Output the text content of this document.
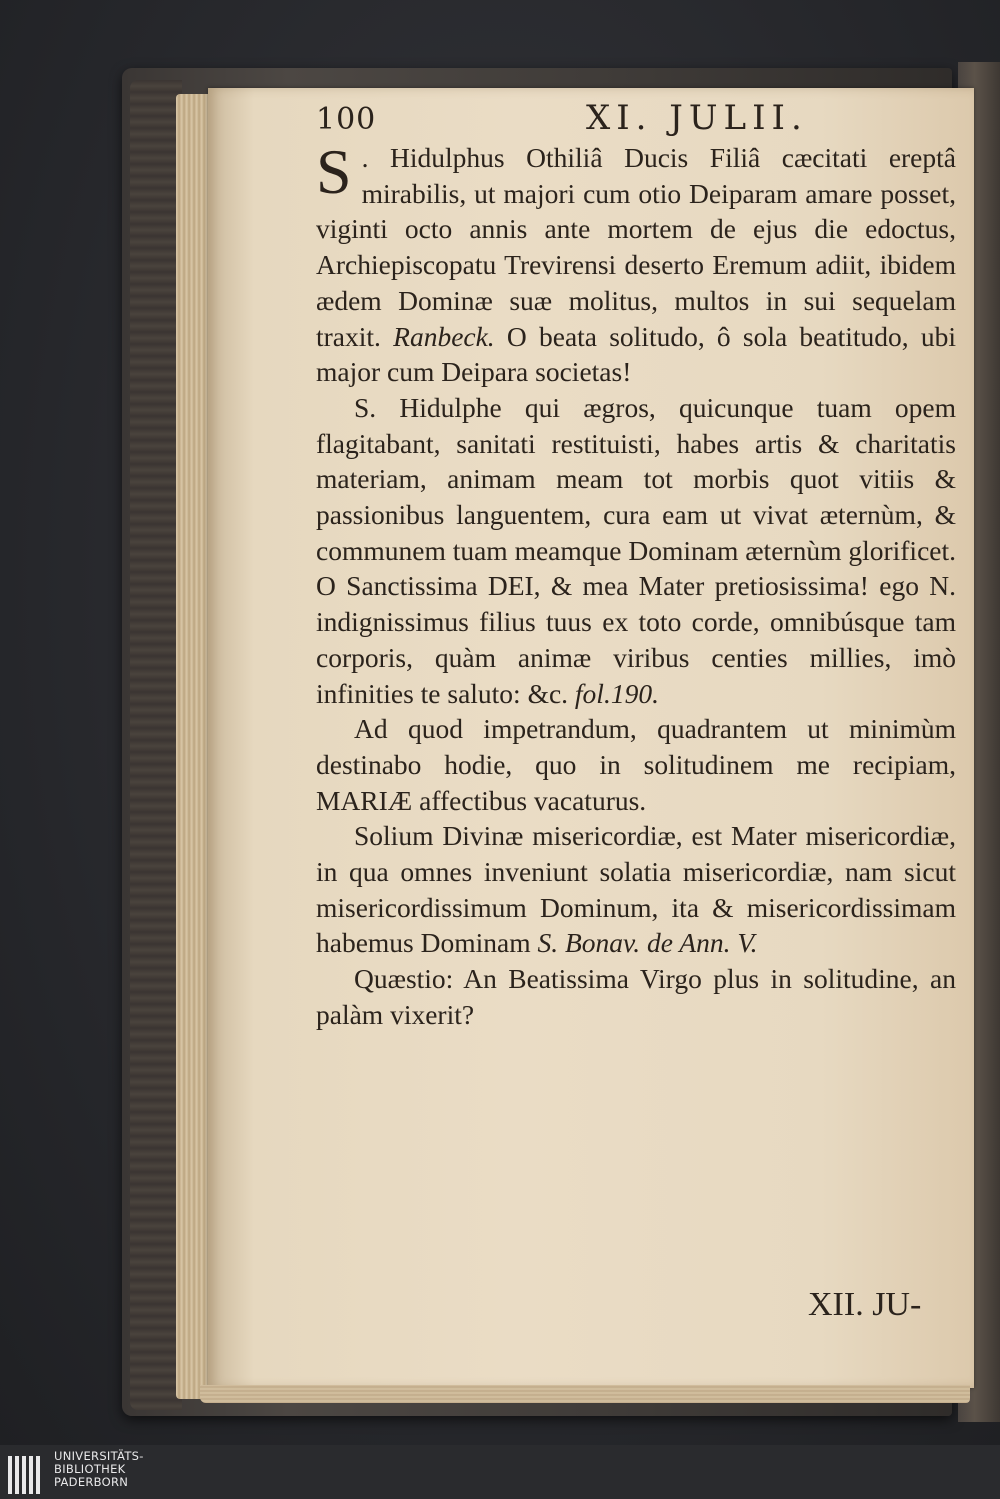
100	XI. JULII.

S . Hidulphus Othiliâ Ducis Filiâ cæcitati ereptâ mirabilis, ut majori cum otio Deiparam amare posset, viginti octo annis ante mortem de ejus die edoctus, Archiepiscopatu Trevirensi deserto Eremum adiit, ibidem ædem Dominæ suæ molitus, multos in sui sequelam traxit. Ranbeck. O beata solitudo, ô sola beatitudo, ubi major cum Deipara societas!

S. Hidulphe qui ægros, quicunque tuam opem flagitabant, sanitati restituisti, habes artis & charitatis materiam, animam meam tot morbis quot vitiis & passionibus languentem, cura eam ut vivat æternùm, & communem tuam meamque Dominam æternùm glorificet. O Sanctissima DEI, & mea Mater pretiosissima! ego N. indignissimus filius tuus ex toto corde, omnibúsque tam corporis, quàm animæ viribus centies millies, imò infinities te saluto: &c. fol.190.

Ad quod impetrandum, quadrantem ut minimùm destinabo hodie, quo in solitudinem me recipiam, MARIÆ affectibus vacaturus.

Solium Divinæ misericordiæ, est Mater misericordiæ, in qua omnes inveniunt solatia misericordiæ, nam sicut misericordissimum Dominum, ita & misericordissimam habemus Dominam S. Bonav. de Ann. V.

Quæstio: An Beatissima Virgo plus in solitudine, an palàm vixerit?

XII. JU-
UNIVERSITÄTS-
BIBLIOTHEK
PADERBORN
